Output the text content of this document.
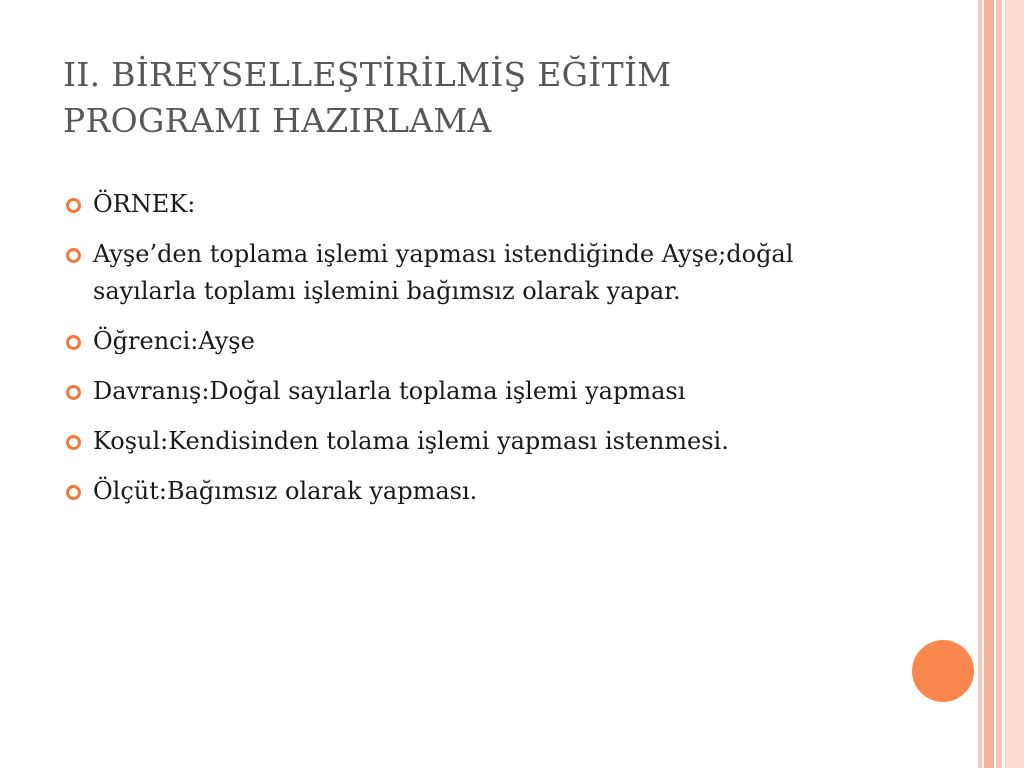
II. BİREYSELLEŞTİRİLMİŞ EĞİTİM
PROGRAMI HAZIRLAMA
ÖRNEK:
Ayşe’den toplama işlemi yapması istendiğinde Ayşe;doğal sayılarla toplamı işlemini bağımsız olarak yapar.
Öğrenci:Ayşe
Davranış:Doğal sayılarla toplama işlemi yapması
Koşul:Kendisinden tolama işlemi yapması istenmesi.
Ölçüt:Bağımsız olarak yapması.
